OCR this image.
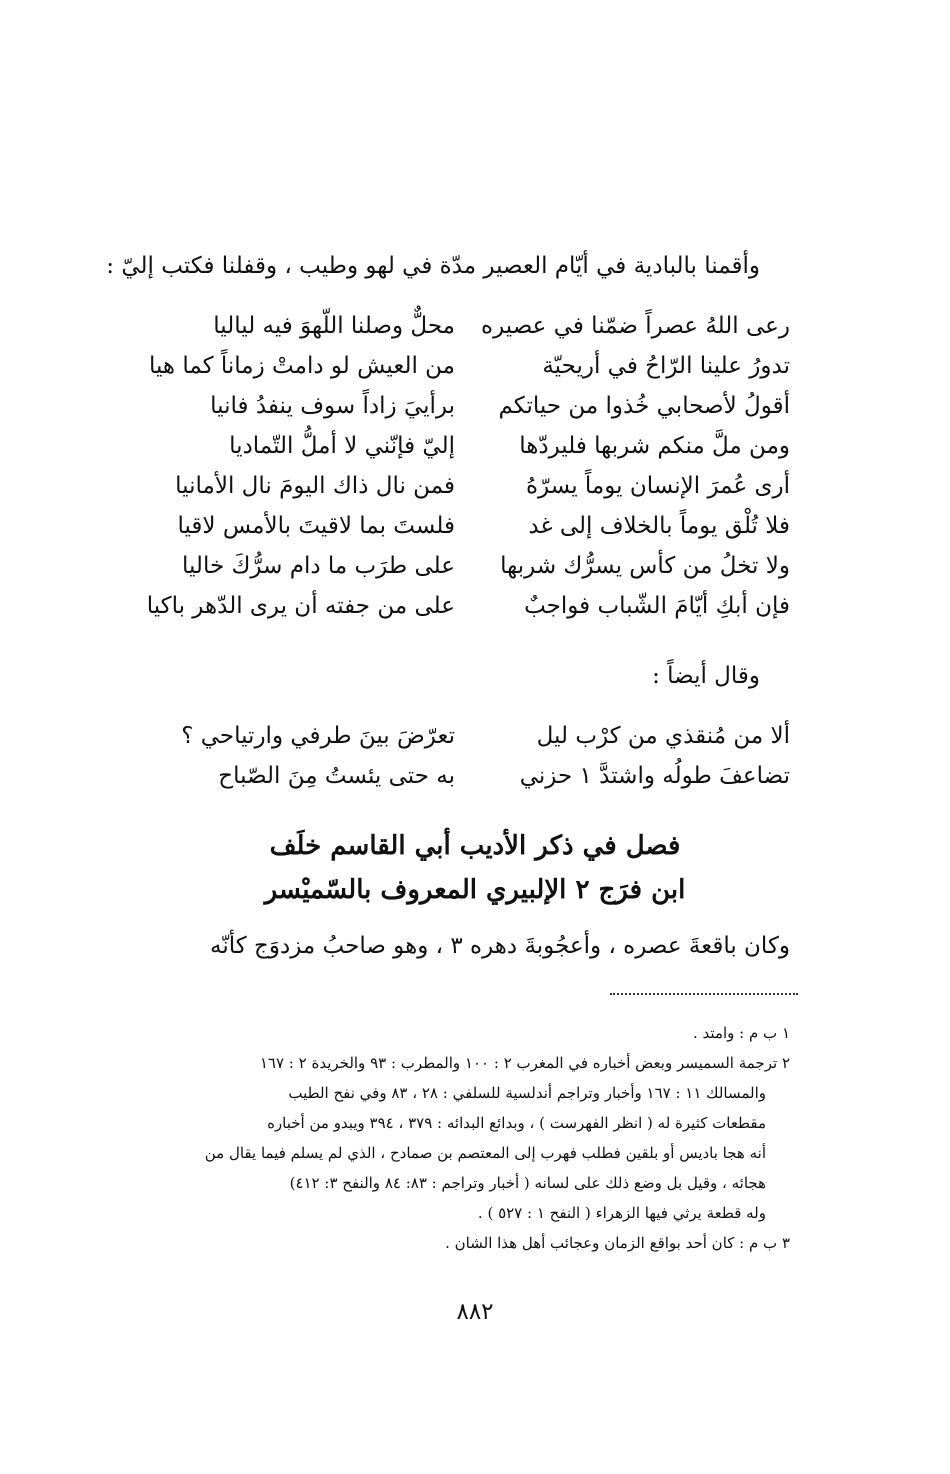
وأقمنا بالبادية في أيّام العصير مدّة في لهو وطيب ، وقفلنا فكتب إليّ :
رعى اللهُ عصراً ضمّنا في عصيره
محلٌّ وصلنا اللّهوَ فيه لياليا
تدورُ علينا الرّاحُ في أريحيّة
من العيش لو دامتْ زماناً كما هيا
أقولُ لأصحابي خُذوا من حياتكم
برأييَ زاداً سوف ينفدُ فانيا
ومن ملَّ منكم شربها فليردّها
إليّ فإنّني لا أملُّ التّماديا
أرى عُمرَ الإنسان يوماً يسرّهُ
فمن نال ذاك اليومَ نال الأمانيا
فلا تُلْق يوماً بالخلاف إلى غد
فلستَ بما لاقيتَ بالأمس لاقيا
ولا تخلُ من كأس يسرُّك شربها
على طرَب ما دام سرُّكَ خاليا
فإن أبكِ أيّامَ الشّباب فواجبٌ
على من جفته أن يرى الدّهر باكيا
وقال أيضاً :
ألا من مُنقذي من كرْب ليل
تعرّضَ بينَ طرفي وارتياحي ؟
تضاعفَ طولُه واشتدَّ ١ حزني
به حتى يئستُ مِنَ الصّباح
فصل في ذكر الأديب أبي القاسم خلَف
ابن فرَج ٢ الإلبيري المعروف بالسّميْسر
وكان باقعةَ عصره ، وأعجُوبةَ دهره ٣ ، وهو صاحبُ مزدوَج كأنّه
١ ب م : وامتد .
٢ ترجمة السميسر وبعض أخباره في المغرب ٢ : ١٠٠ والمطرب : ٩٣ والخريدة ٢ : ١٦٧
والمسالك ١١ : ١٦٧ وأخبار وتراجم أندلسية للسلفي : ٢٨ ، ٨٣ وفي نفح الطيب
مقطعات كثيرة له ( انظر الفهرست ) ، وبدائع البدائه : ٣٧٩ ، ٣٩٤ ويبدو من أخباره
أنه هجا باديس أو بلقين فطلب فهرب إلى المعتصم بن صمادح ، الذي لم يسلم فيما يقال من
هجائه ، وقيل بل وضع ذلك على لسانه ( أخبار وتراجم : ٨٣: ٨٤ والنفح ٣: ٤١٢)
وله قطعة يرثي فيها الزهراء ( النفح ١ : ٥٢٧ ) .
٣ ب م : كان أحد بواقع الزمان وعجائب أهل هذا الشان .
٨٨٢
